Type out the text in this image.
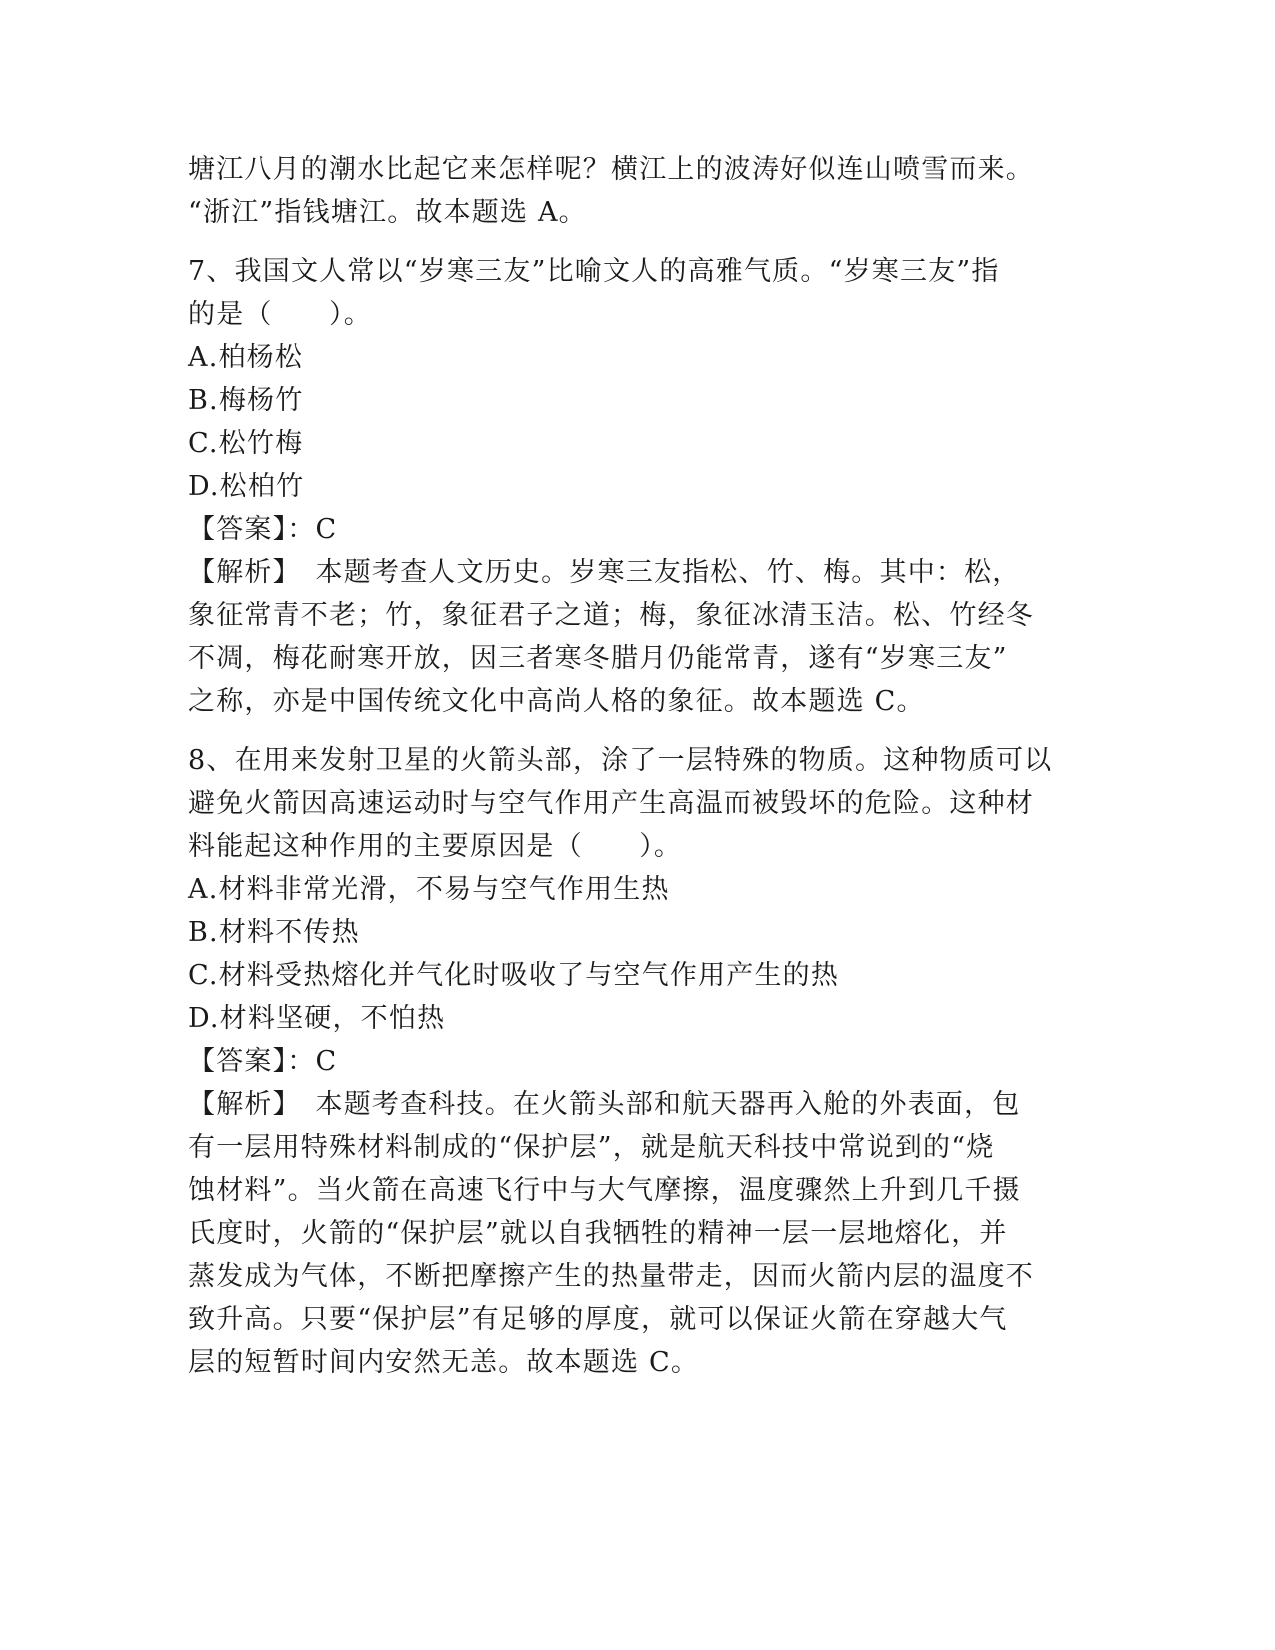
塘江八月的潮水比起它来怎样呢？横江上的波涛好似连山喷雪而来。
“浙江”指钱塘江。故本题选 A。
7、我国文人常以“岁寒三友”比喻文人的高雅气质。“岁寒三友”指
的是（　　）。
A.柏杨松
B.梅杨竹
C.松竹梅
D.松柏竹
【答案】：C
【解析】　本题考查人文历史。岁寒三友指松、竹、梅。其中：松，
象征常青不老；竹，象征君子之道；梅，象征冰清玉洁。松、竹经冬
不凋，梅花耐寒开放，因三者寒冬腊月仍能常青，遂有“岁寒三友”
之称，亦是中国传统文化中高尚人格的象征。故本题选 C。
8、在用来发射卫星的火箭头部，涂了一层特殊的物质。这种物质可以
避免火箭因高速运动时与空气作用产生高温而被毁坏的危险。这种材
料能起这种作用的主要原因是（　　）。
A.材料非常光滑，不易与空气作用生热
B.材料不传热
C.材料受热熔化并气化时吸收了与空气作用产生的热
D.材料坚硬，不怕热
【答案】：C
【解析】　本题考查科技。在火箭头部和航天器再入舱的外表面，包
有一层用特殊材料制成的“保护层”，就是航天科技中常说到的“烧
蚀材料”。当火箭在高速飞行中与大气摩擦，温度骤然上升到几千摄
氏度时，火箭的“保护层”就以自我牺牲的精神一层一层地熔化，并
蒸发成为气体，不断把摩擦产生的热量带走，因而火箭内层的温度不
致升高。只要“保护层”有足够的厚度，就可以保证火箭在穿越大气
层的短暂时间内安然无恙。故本题选 C。
